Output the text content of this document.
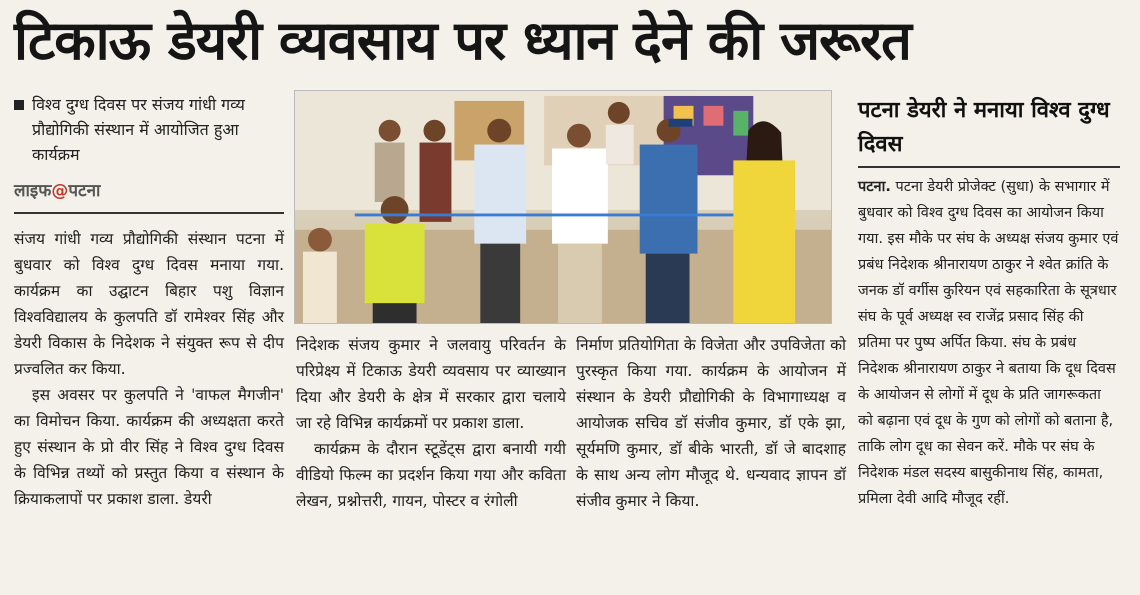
टिकाऊ डेयरी व्यवसाय पर ध्यान देने की जरूरत
विश्व दुग्ध दिवस पर संजय गांधी गव्य प्रौद्योगिकी संस्थान में आयोजित हुआ कार्यक्रम
लाइफ@पटना

संजय गांधी गव्य प्रौद्योगिकी संस्थान पटना में बुधवार को विश्व दुग्ध दिवस मनाया गया. कार्यक्रम का उद्घाटन बिहार पशु विज्ञान विश्वविद्यालय के कुलपति डॉ रामेश्वर सिंह और डेयरी विकास के निदेशक ने संयुक्त रूप से दीप प्रज्वलित कर किया.

इस अवसर पर कुलपति ने 'वाफल मैगजीन' का विमोचन किया. कार्यक्रम की अध्यक्षता करते हुए संस्थान के प्रो वीर सिंह ने विश्व दुग्ध दिवस के विभिन्न तथ्यों को प्रस्तुत किया व संस्थान के क्रियाकलापों पर प्रकाश डाला. डेयरी

निदेशक संजय कुमार ने जलवायु परिवर्तन के परिप्रेक्ष्य में टिकाऊ डेयरी व्यवसाय पर व्याख्यान दिया और डेयरी के क्षेत्र में सरकार द्वारा चलाये जा रहे विभिन्न कार्यक्रमों पर प्रकाश डाला.

कार्यक्रम के दौरान स्टूडेंट्स द्वारा बनायी गयी वीडियो फिल्म का प्रदर्शन किया गया और कविता लेखन, प्रश्नोत्तरी, गायन, पोस्टर व रंगोली

निर्माण प्रतियोगिता के विजेता और उपविजेता को पुरस्कृत किया गया. कार्यक्रम के आयोजन में संस्थान के डेयरी प्रौद्योगिकी के विभागाध्यक्ष व आयोजक सचिव डॉ संजीव कुमार, डॉ एके झा, सूर्यमणि कुमार, डॉ बीके भारती, डॉ जे बादशाह के साथ अन्य लोग मौजूद थे. धन्यवाद ज्ञापन डॉ संजीव कुमार ने किया.

पटना डेयरी ने मनाया विश्व दुग्ध दिवस
पटना. पटना डेयरी प्रोजेक्ट (सुधा) के सभागार में बुधवार को विश्व दुग्ध दिवस का आयोजन किया गया. इस मौके पर संघ के अध्यक्ष संजय कुमार एवं प्रबंध निदेशक श्रीनारायण ठाकुर ने श्वेत क्रांति के जनक डॉ वर्गीस कुरियन एवं सहकारिता के सूत्रधार संघ के पूर्व अध्यक्ष स्व राजेंद्र प्रसाद सिंह की प्रतिमा पर पुष्प अर्पित किया. संघ के प्रबंध निदेशक श्रीनारायण ठाकुर ने बताया कि दूध दिवस के आयोजन से लोगों में दूध के प्रति जागरूकता को बढ़ाना एवं दूध के गुण को लोगों को बताना है, ताकि लोग दूध का सेवन करें. मौके पर संघ के निदेशक मंडल सदस्य बासुकीनाथ सिंह, कामता, प्रमिला देवी आदि मौजूद रहीं.
